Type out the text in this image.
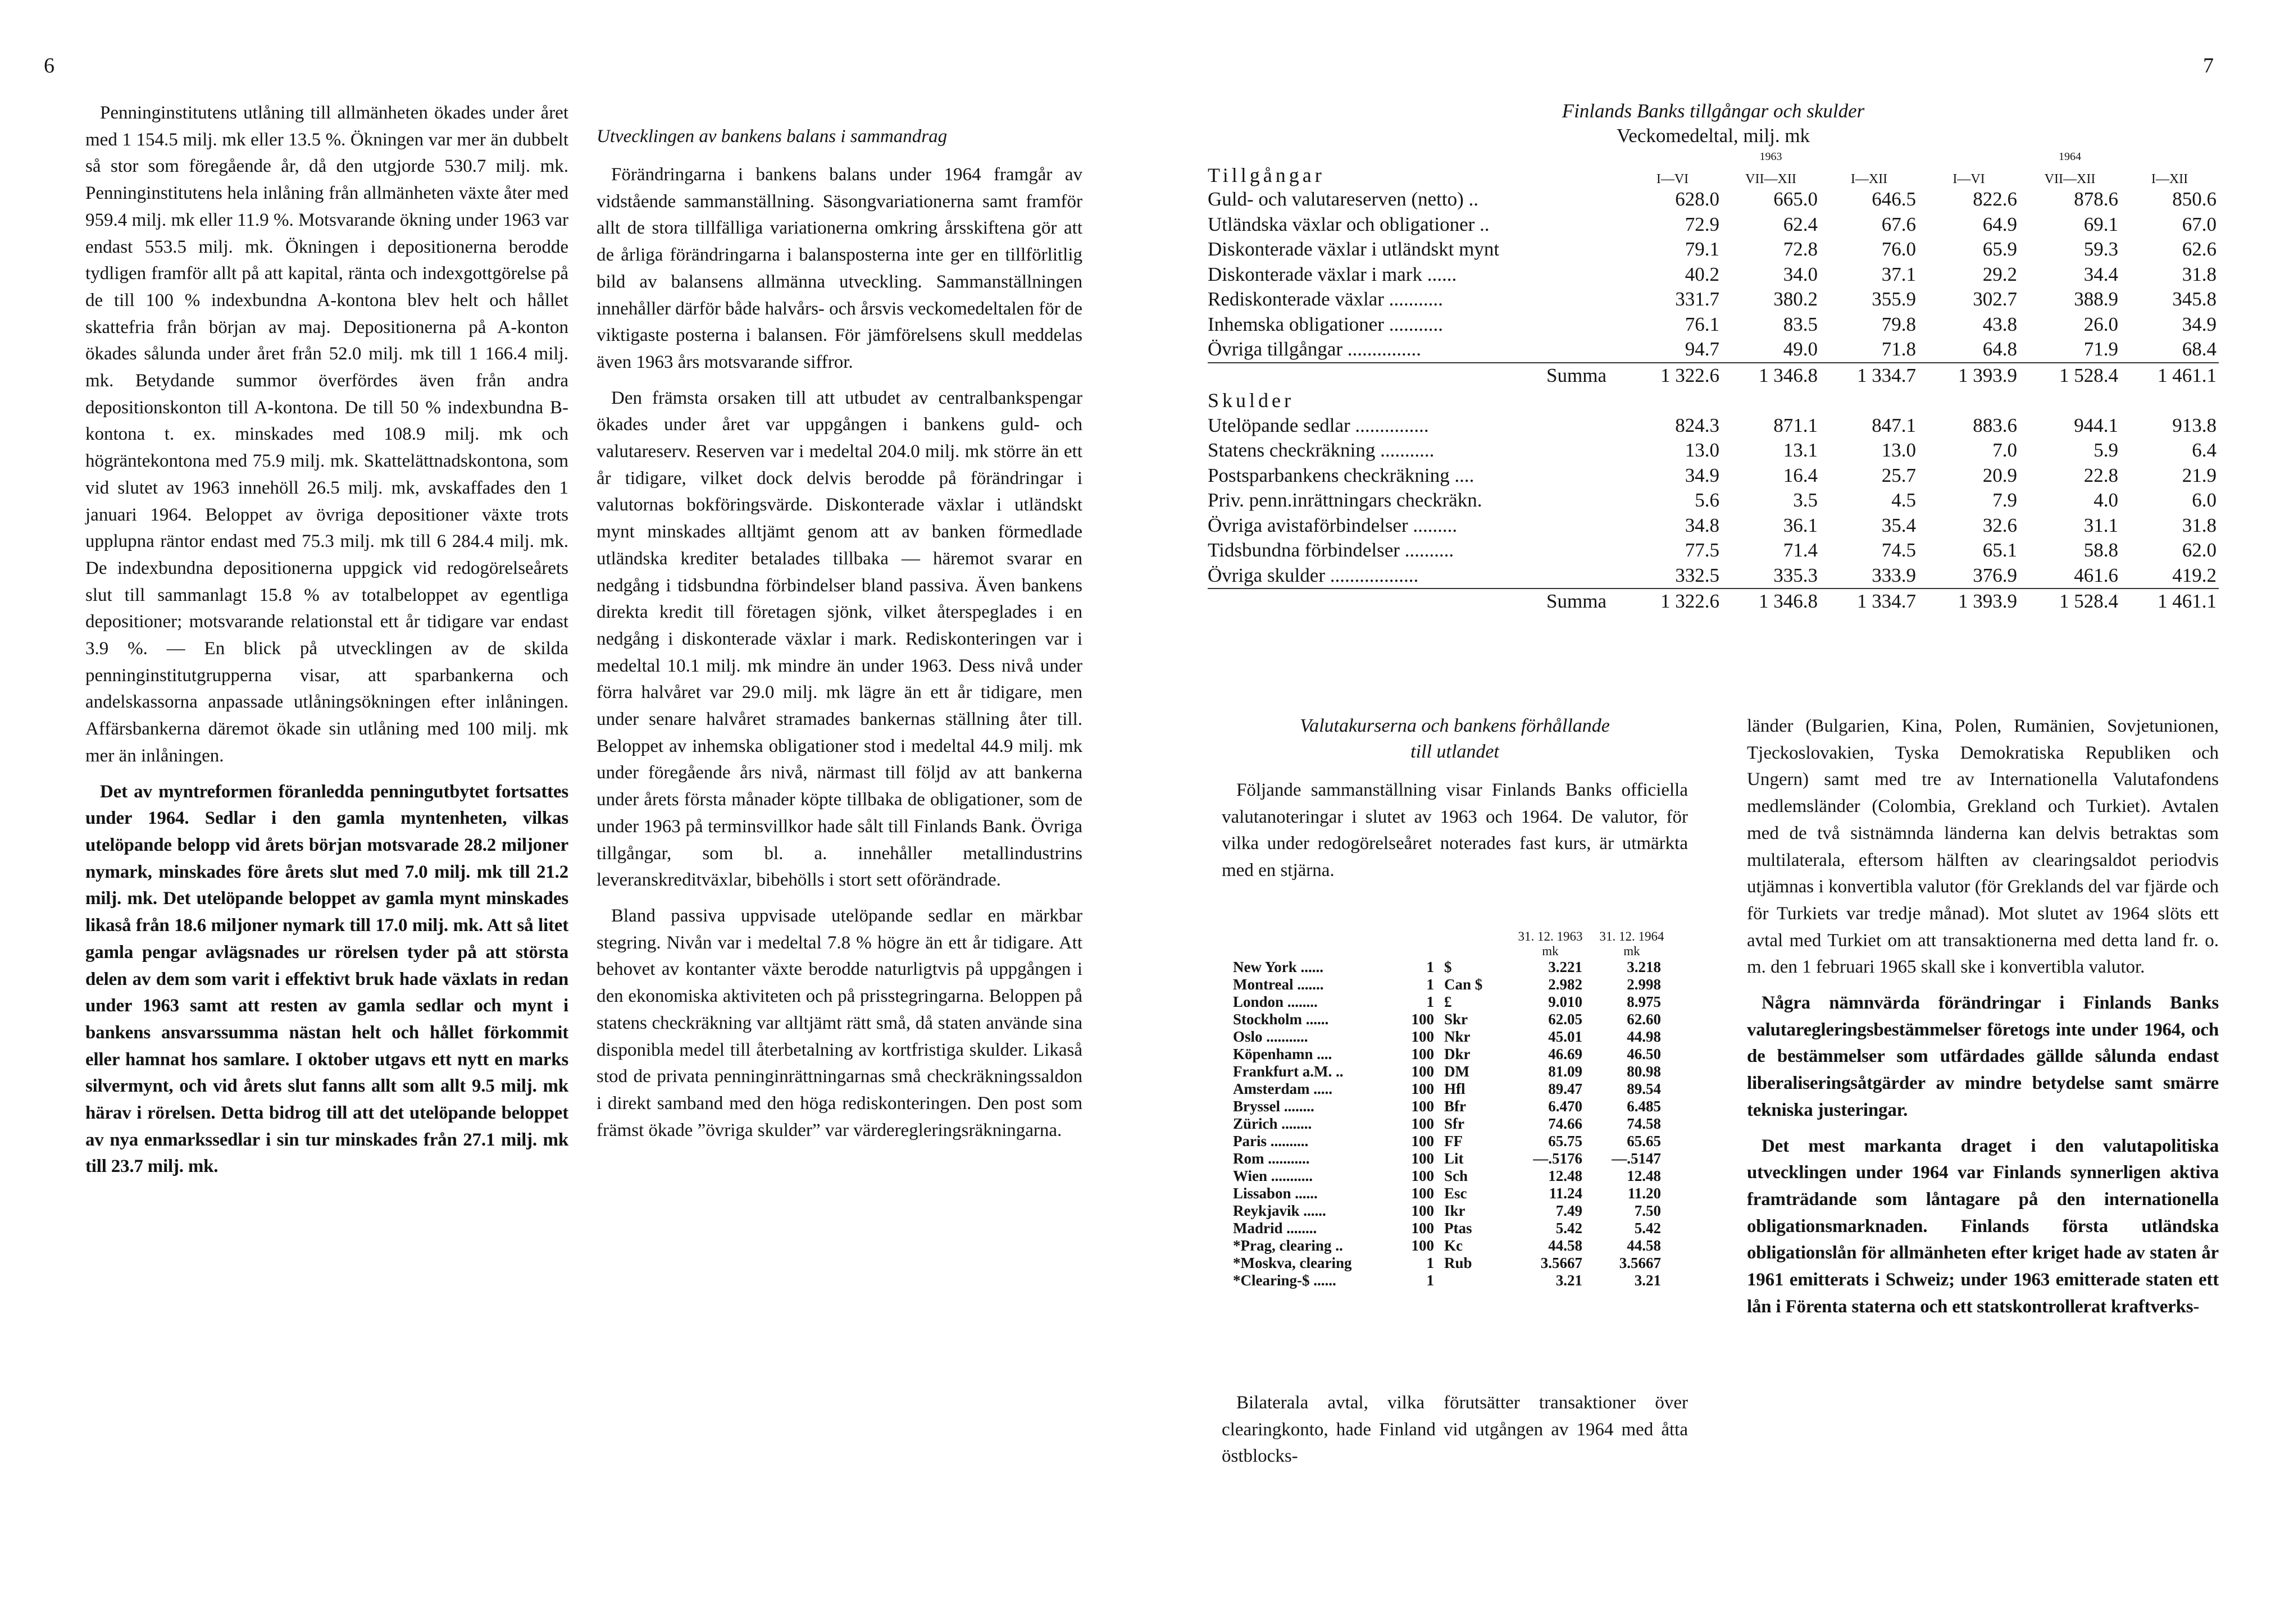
6	7

Penninginstitutens utlåning till allmänheten ökades under året med 1 154.5 milj. mk eller 13.5 %. Ökningen var mer än dubbelt så stor som föregående år, då den utgjorde 530.7 milj. mk. Penninginstitutens hela inlåning från allmänheten växte åter med 959.4 milj. mk eller 11.9 %. Motsvarande ökning under 1963 var endast 553.5 milj. mk. Ökningen i depositionerna berodde tydligen framför allt på att kapital, ränta och indexgottgörelse på de till 100 % indexbundna A-kontona blev helt och hållet skattefria från början av maj. Depositionerna på A-konton ökades sålunda under året från 52.0 milj. mk till 1 166.4 milj. mk. Betydande summor överfördes även från andra depositionskonton till A-kontona. De till 50 % indexbundna B-kontona t. ex. minskades med 108.9 milj. mk och högräntekontona med 75.9 milj. mk. Skattelättnadskontona, som vid slutet av 1963 innehöll 26.5 milj. mk, avskaffades den 1 januari 1964. Beloppet av övriga depositioner växte trots upplupna räntor endast med 75.3 milj. mk till 6 284.4 milj. mk. De indexbundna depositionerna uppgick vid redogörelseårets slut till sammanlagt 15.8 % av totalbeloppet av egentliga depositioner; motsvarande relationstal ett år tidigare var endast 3.9 %. — En blick på utvecklingen av de skilda penninginstitutgrupperna visar, att sparbankerna och andelskassorna anpassade utlåningsökningen efter inlåningen. Affärsbankerna däremot ökade sin utlåning med 100 milj. mk mer än inlåningen.

Det av myntreformen föranledda penningutbytet fortsattes under 1964. Sedlar i den gamla myntenheten, vilkas utelöpande belopp vid årets början motsvarade 28.2 miljoner nymark, minskades före årets slut med 7.0 milj. mk till 21.2 milj. mk. Det utelöpande beloppet av gamla mynt minskades likaså från 18.6 miljoner nymark till 17.0 milj. mk. Att så litet gamla pengar avlägsnades ur rörelsen tyder på att största delen av dem som varit i effektivt bruk hade växlats in redan under 1963 samt att resten av gamla sedlar och mynt i bankens ansvarssumma nästan helt och hållet förkommit eller hamnat hos samlare. I oktober utgavs ett nytt en marks silvermynt, och vid årets slut fanns allt som allt 9.5 milj. mk härav i rörelsen. Detta bidrog till att det utelöpande beloppet av nya enmarkssedlar i sin tur minskades från 27.1 milj. mk till 23.7 milj. mk.

Utvecklingen av bankens balans i sammandrag

Förändringarna i bankens balans under 1964 framgår av vidstående sammanställning. Säsongvariationerna samt framför allt de stora tillfälliga variationerna omkring årsskiftena gör att de årliga förändringarna i balansposterna inte ger en tillförlitlig bild av balansens allmänna utveckling. Sammanställningen innehåller därför både halvårs- och årsvis veckomedeltalen för de viktigaste posterna i balansen. För jämförelsens skull meddelas även 1963 års motsvarande siffror.

Den främsta orsaken till att utbudet av centralbankspengar ökades under året var uppgången i bankens guld- och valutareserv. Reserven var i medeltal 204.0 milj. mk större än ett år tidigare, vilket dock delvis berodde på förändringar i valutornas bokföringsvärde. Diskonterade växlar i utländskt mynt minskades alltjämt genom att av banken förmedlade utländska krediter betalades tillbaka — häremot svarar en nedgång i tidsbundna förbindelser bland passiva. Även bankens direkta kredit till företagen sjönk, vilket återspeglades i en nedgång i diskonterade växlar i mark. Rediskonteringen var i medeltal 10.1 milj. mk mindre än under 1963. Dess nivå under förra halvåret var 29.0 milj. mk lägre än ett år tidigare, men under senare halvåret stramades bankernas ställning åter till. Beloppet av inhemska obligationer stod i medeltal 44.9 milj. mk under föregående års nivå, närmast till följd av att bankerna under årets första månader köpte tillbaka de obligationer, som de under 1963 på terminsvillkor hade sålt till Finlands Bank. Övriga tillgångar, som bl. a. innehåller metallindustrins leveranskreditväxlar, bibehölls i stort sett oförändrade.

Bland passiva uppvisade utelöpande sedlar en märkbar stegring. Nivån var i medeltal 7.8 % högre än ett år tidigare. Att behovet av kontanter växte berodde naturligtvis på uppgången i den ekonomiska aktiviteten och på prisstegringarna. Beloppen på statens checkräkning var alltjämt rätt små, då staten använde sina disponibla medel till återbetalning av kortfristiga skulder. Likaså stod de privata penninginrättningarnas små checkräkningssaldon i direkt samband med den höga rediskonteringen. Den post som främst ökade ”övriga skulder” var värderegleringsräkningarna.

Finlands Banks tillgångar och skulder
Veckomedeltal, milj. mk
		1963			1964	
Tillgångar	I—VI	VII—XII	I—XII	I—VI	VII—XII	I—XII
Guld- och valutareserven (netto) ..	628.0	665.0	646.5	822.6	878.6	850.6
Utländska växlar och obligationer ..	72.9	62.4	67.6	64.9	69.1	67.0
Diskonterade växlar i utländskt mynt	79.1	72.8	76.0	65.9	59.3	62.6
Diskonterade växlar i mark ......	40.2	34.0	37.1	29.2	34.4	31.8
Rediskonterade växlar ...........	331.7	380.2	355.9	302.7	388.9	345.8
Inhemska obligationer ...........	76.1	83.5	79.8	43.8	26.0	34.9
Övriga tillgångar ...............	94.7	49.0	71.8	64.8	71.9	68.4
Summa	1 322.6	1 346.8	1 334.7	1 393.9	1 528.4	1 461.1
Skulder						
Utelöpande sedlar ...............	824.3	871.1	847.1	883.6	944.1	913.8
Statens checkräkning ...........	13.0	13.1	13.0	7.0	5.9	6.4
Postsparbankens checkräkning ....	34.9	16.4	25.7	20.9	22.8	21.9
Priv. penn.inrättningars checkräkn.	5.6	3.5	4.5	7.9	4.0	6.0
Övriga avistaförbindelser .........	34.8	36.1	35.4	32.6	31.1	31.8
Tidsbundna förbindelser ..........	77.5	71.4	74.5	65.1	58.8	62.0
Övriga skulder ..................	332.5	335.3	333.9	376.9	461.6	419.2
Summa	1 322.6	1 346.8	1 334.7	1 393.9	1 528.4	1 461.1
Valutakurserna och bankens förhållande
till utlandet

Följande sammanställning visar Finlands Banks officiella valutanoteringar i slutet av 1963 och 1964. De valutor, för vilka under redogörelseåret noterades fast kurs, är utmärkta med en stjärna.

			31. 12. 1963	31. 12. 1964
			mk	mk
New York ......	1	$	3.221	3.218
Montreal .......	1	Can $	2.982	2.998
London ........	1	£	9.010	8.975
Stockholm ......	100	Skr	62.05	62.60
Oslo ...........	100	Nkr	45.01	44.98
Köpenhamn ....	100	Dkr	46.69	46.50
Frankfurt a.M. ..	100	DM	81.09	80.98
Amsterdam .....	100	Hfl	89.47	89.54
Bryssel ........	100	Bfr	6.470	6.485
Zürich ........	100	Sfr	74.66	74.58
Paris ..........	100	FF	65.75	65.65
Rom ...........	100	Lit	—.5176	—.5147
Wien ...........	100	Sch	12.48	12.48
Lissabon ......	100	Esc	11.24	11.20
Reykjavik ......	100	Ikr	7.49	7.50
Madrid ........	100	Ptas	5.42	5.42
*Prag, clearing ..	100	Kc	44.58	44.58
*Moskva, clearing	1	Rub	3.5667	3.5667
*Clearing-$ ......	1		3.21	3.21

Bilaterala avtal, vilka förutsätter transaktioner över clearingkonto, hade Finland vid utgången av 1964 med åtta östblocks-

länder (Bulgarien, Kina, Polen, Rumänien, Sovjetunionen, Tjeckoslovakien, Tyska Demokratiska Republiken och Ungern) samt med tre av Internationella Valutafondens medlemsländer (Colombia, Grekland och Turkiet). Avtalen med de två sistnämnda länderna kan delvis betraktas som multilaterala, eftersom hälften av clearingsaldot periodvis utjämnas i konvertibla valutor (för Greklands del var fjärde och för Turkiets var tredje månad). Mot slutet av 1964 slöts ett avtal med Turkiet om att transaktionerna med detta land fr. o. m. den 1 februari 1965 skall ske i konvertibla valutor.

Några nämnvärda förändringar i Finlands Banks valutaregleringsbestämmelser företogs inte under 1964, och de bestämmelser som utfärdades gällde sålunda endast liberaliseringsåtgärder av mindre betydelse samt smärre tekniska justeringar.

Det mest markanta draget i den valutapolitiska utvecklingen under 1964 var Finlands synnerligen aktiva framträdande som låntagare på den internationella obligationsmarknaden. Finlands första utländska obligationslån för allmänheten efter kriget hade av staten år 1961 emitterats i Schweiz; under 1963 emitterade staten ett lån i Förenta staterna och ett statskontrollerat kraftverks-
